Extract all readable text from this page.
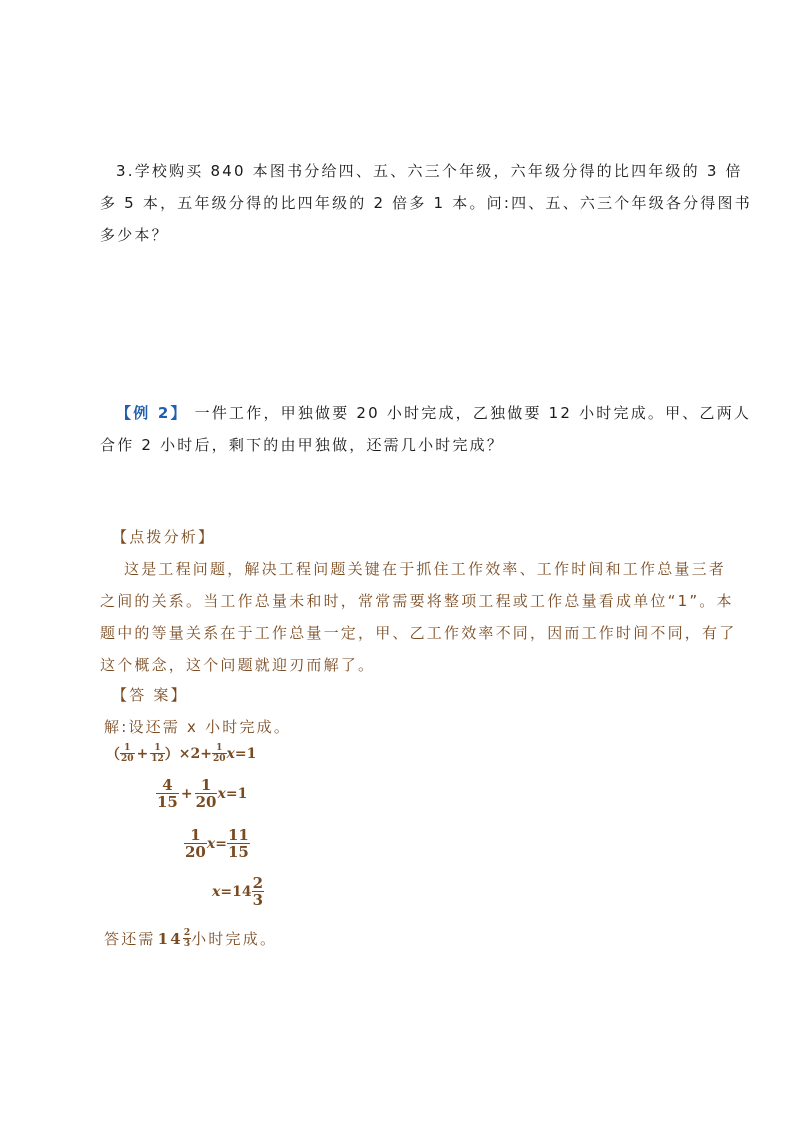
3.学校购买 840 本图书分给四、五、六三个年级，六年级分得的比四年级的 3 倍
多 5 本，五年级分得的比四年级的 2 倍多 1 本。问:四、五、六三个年级各分得图书
多少本？
【例 2】 一件工作，甲独做要 20 小时完成，乙独做要 12 小时完成。甲、乙两人
合作 2 小时后，剩下的由甲独做，还需几小时完成？
【点拨分析】
这是工程问题，解决工程问题关键在于抓住工作效率、工作时间和工作总量三者
之间的关系。当工作总量未和时，常常需要将整项工程或工作总量看成单位“1”。本
题中的等量关系在于工作总量一定，甲、乙工作效率不同，因而工作时间不同，有了
这个概念，这个问题就迎刃而解了。
【答 案】
解:设还需 x 小时完成。
（ $\frac{1}{20} + \frac{1}{12}$ ） $\times 2+ \frac{1}{20}$ x =1
$\frac{4}{15} + \frac{1}{20}$ x =1
$\frac{1}{20}$ $x = \frac{11}{15}$
$x = 14 \frac{2}{3}$
答还需 $14 \frac{2}{3}$ 小时完成。
